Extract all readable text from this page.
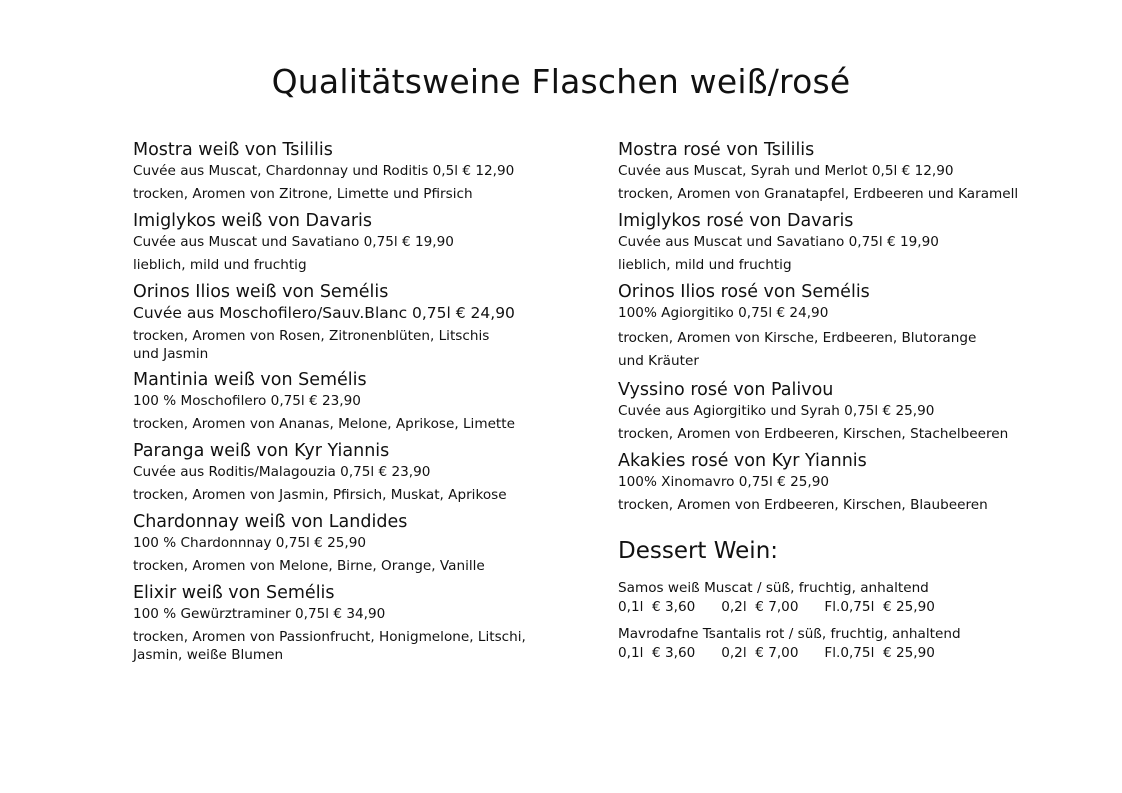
Qualitätsweine Flaschen weiß/rosé
Mostra weiß von Tsililis
Cuvée aus Muscat, Chardonnay und Roditis 0,5l € 12,90
trocken, Aromen von Zitrone, Limette und Pfirsich
Imiglykos weiß von Davaris
Cuvée aus Muscat und Savatiano 0,75l € 19,90
lieblich, mild und fruchtig
Orinos Ilios weiß von Semélis
Cuvée aus Moschofilero/Sauv.Blanc 0,75l € 24,90
trocken, Aromen von Rosen, Zitronenblüten, Litschis und Jasmin
Mantinia weiß von Semélis
100 % Moschofilero 0,75l € 23,90
trocken, Aromen von Ananas, Melone, Aprikose, Limette
Paranga weiß von Kyr Yiannis
Cuvée aus Roditis/Malagouzia 0,75l € 23,90
trocken, Aromen von Jasmin, Pfirsich, Muskat, Aprikose
Chardonnay weiß von Landides
100 % Chardonnnay 0,75l € 25,90
trocken, Aromen von Melone, Birne, Orange, Vanille
Elixir weiß von Semélis
100 % Gewürztraminer 0,75l € 34,90
trocken, Aromen von Passionfrucht, Honigmelone, Litschi, Jasmin, weiße Blumen
Mostra rosé von Tsililis
Cuvée aus Muscat, Syrah und Merlot 0,5l € 12,90
trocken, Aromen von Granatapfel, Erdbeeren und Karamell
Imiglykos rosé von Davaris
Cuvée aus Muscat und Savatiano 0,75l € 19,90
lieblich, mild und fruchtig
Orinos Ilios rosé von Semélis
100% Agiorgitiko 0,75l € 24,90
trocken, Aromen von Kirsche, Erdbeeren, Blutorange und Kräuter
Vyssino rosé von Palivou
Cuvée aus Agiorgitiko und Syrah 0,75l € 25,90
trocken, Aromen von Erdbeeren, Kirschen, Stachelbeeren
Akakies rosé von Kyr Yiannis
100% Xinomavro 0,75l € 25,90
trocken, Aromen von Erdbeeren, Kirschen, Blaubeeren
Dessert Wein:
Samos weiß Muscat / süß, fruchtig, anhaltend
0,1l  € 3,60      0,2l  € 7,00      Fl.0,75l  € 25,90
Mavrodafne Tsantalis rot / süß, fruchtig, anhaltend
0,1l  € 3,60      0,2l  € 7,00      Fl.0,75l  € 25,90
